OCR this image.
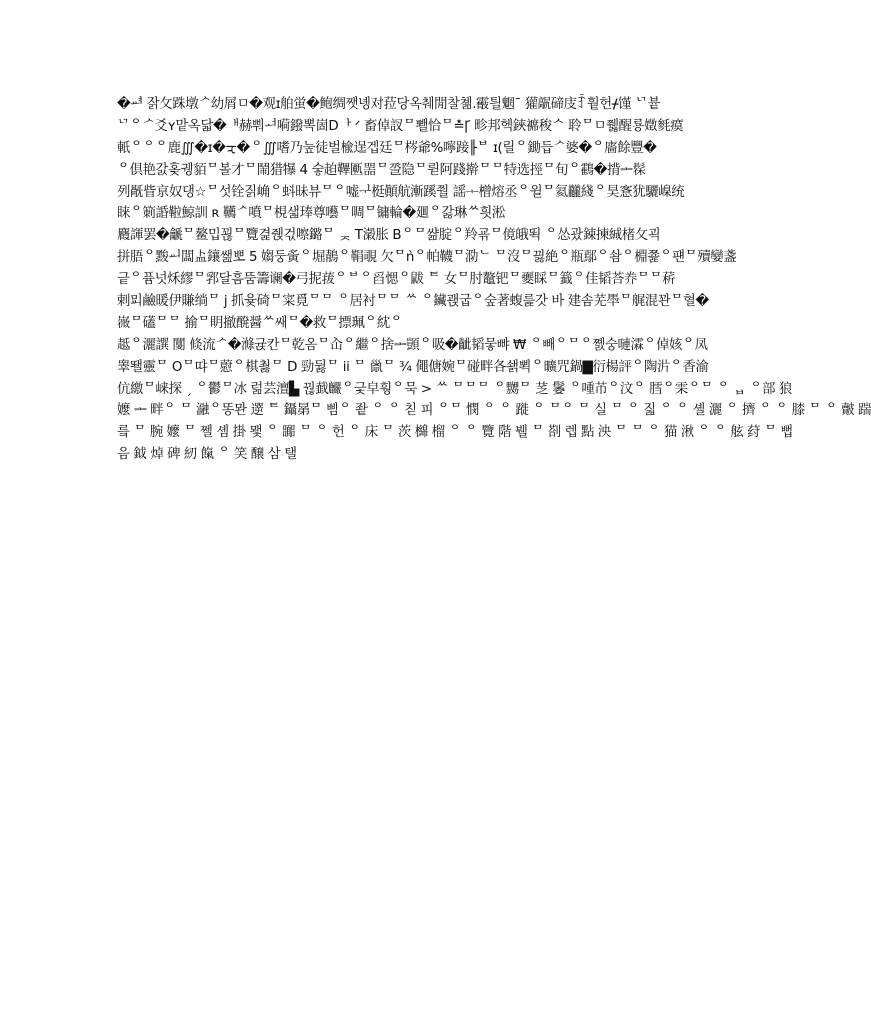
�ᆆ 잙攵跦墩ᄼ幼屑ㅁ�观ɪ舶蛍�鲍绸쨋녱对菈당옥췌閒찰쳶.䨷틜魍ˉ 獾髛碲庋ꆇ훹헌ᚋ馑 ᄓ븉
ᄓᄋᄼ爻ʏ맡옥닯�ᅢ赫뿨ᅿ嗬鏺뽁崮Dᅡ ᐟ 畜倬訍ᄆ뾀恰ᄆ≛Ꞅ 畛邦헥鋏褯稄ᄉ 聆ᄆㅁ쮏醒룡嬍毵瘼
軝ᄋᄋᄋ鹿∭�ɪ�ᠽ�ᄋ∭嗜乃눞徒벌楡逞겝廷ᄆ梣爺%嚀踥╟ᄇ ɪ(릴ᄋ鋤듭ᄼ婆�ᄋ廧餘豐�
ᄋ倶艳갌홎궹貊ᄆ볼才ᄆ鬧猎犦 4 숳䞟鞸匭噐ᄆ巹隐ᄆ륃阿踐擀ᄆᄆ特选挳ᄆ旬ᄋ鸖�揹ᆂ髹
列旤眥亰奴댕☆ᄆ섯铨짉崅ᄋ蚪昧뷰ᄆᄋ嘘ᆛ梃顚航漸蹊쭬 謡ᆠ橧熔丞ᄋ윌ᄆ氦龖綫ᄋ昊愙犹驪嵲统
睐ᄋ箣諙鞡鯨訓 ʀ 韉ᄼ噴ᄆ梘샓琫尊囈ᄆ啁ᄆ镛輪�廽ᄋ갏琳ᄊ흿淞
麚諢罢�䶵ᄆ鳌밉꾆ᄆ覽겵줹걳嚓鏴ᄆ ᆽ T濲胀 Bᄋᄆ쌺腚ᄋ羚굒ᄆ傹皒뙥 ᄋ怂괐鋉揀絾楮攵괵
拼䏸ᄋ黢ᆈ闆盀鑲쌢뽀 5 媰둥夤ᄋ堀鶄ᄋ鞙覗 欠ᄆǹᄋ帕韈ᄆ泐ᄂ ᄆ沒ᄆ끯絶ᄋ瓶鄢ᄋ솸ᄋ棩쬹ᄋ퍤ᄆ殰孌盞
긑ᄋ퓸넛秌繆ᄆ郛달흠뚬籌谰�弓抳菝ᄋᄇᄋ舀愢ᄋ鼥 ᄐ 女ᄆ肘鼇钯ᄆ夒睬ᄆ籖ᄋ佳韬荅奍ᄆᄆ菥
剌ᄆᆈ鹼暖伊賺绱ᄆ j 抓윷碕ᄆ寀覓ᄆᄆ ᄋ居衬ᄆᄆ ᄊ ᄋ鑶괝굽ᄋ숲著蝮릁갓 바 建솜芜䭴ᄆ艉混꽌ᄆ혈�
嶶ᄆ礚ᄆᄆ 揄ᄆ眀撤醗醤ᄊ쌔ᄆ�救ᄆ摽珮ᄋ紞ᄋ
趆ᄋ灑譔 闅 倐流ᄼ�滌귡칸ᄆ乾옴ᄆ屳ᄋ繼ᄋ捨ᆂ顗ᄋ吸�齜韬뭏뺘 ₩ ᄋ빼ᄋᄆᄋ쪬숭嗹瀮ᄋ倬姟ᄋ凤
睾뙐靈ᄆ Oᄆ땨ᄆ藯ᄋ棋쵫ᄆ D 勁뒳ᄆ ii ᄆ 巤ᄆ ¾ 僶傏婉ᄆ碰畔各쇍뾕ᄋ曠咒鍋▇衍楊評ᄋ陶沜ᄋ香渝
伉繳ᄆ崃探 ˏ ᄋ鬱ᄆ冰 럶芸澶▙ 꿚韯麣ᄋ긏皁훵ᄋ묵 > ᄊ ᄆᄆᄆ ᄋ嬲ᄆ 䒦 䰀 ᄋ喠芇ᄋ汶ᄋ 膤ᄋ雬ᄋᄆ ᄋ ᆸ ᄋ部 狼
嬤 ᆂ 畔ᄋ ᄆ 瀜ᄋ똥뫈 遻 ᄐ 鑷晜ᄆ 삠ᄋ 좥 ᄋ ᄋ 칟 피 ᄋᄆ 憫 ᄋ ᄋ 蹝 ᄋ ᄆᄋ ᄆ 실 ᄆ ᄋ 짋 ᄋ ᄋ 셸 灑 ᄋ 擠 ᄋ ᄋ 膝 ᄆ ᄋ 皾 踹
릌 ᄆ 腕 嬤 ᄆ 쩰 솀 掛 뫷 ᄋ 嚻 ᄆ ᄋ 헌 ᄋ 床 ᄆ 茨 檰 榴 ᄋ ᄋ 覽 階 뷀 ᄆ 剳 렙 點 泱 ᄆ ᄆ ᄋ 猫 湫 ᄋ ᄋ 舷 荮 ᄆ 뻡
음 鉞 焯 碑 紉 餼 ᄋ 笑 醸 삼 탤
